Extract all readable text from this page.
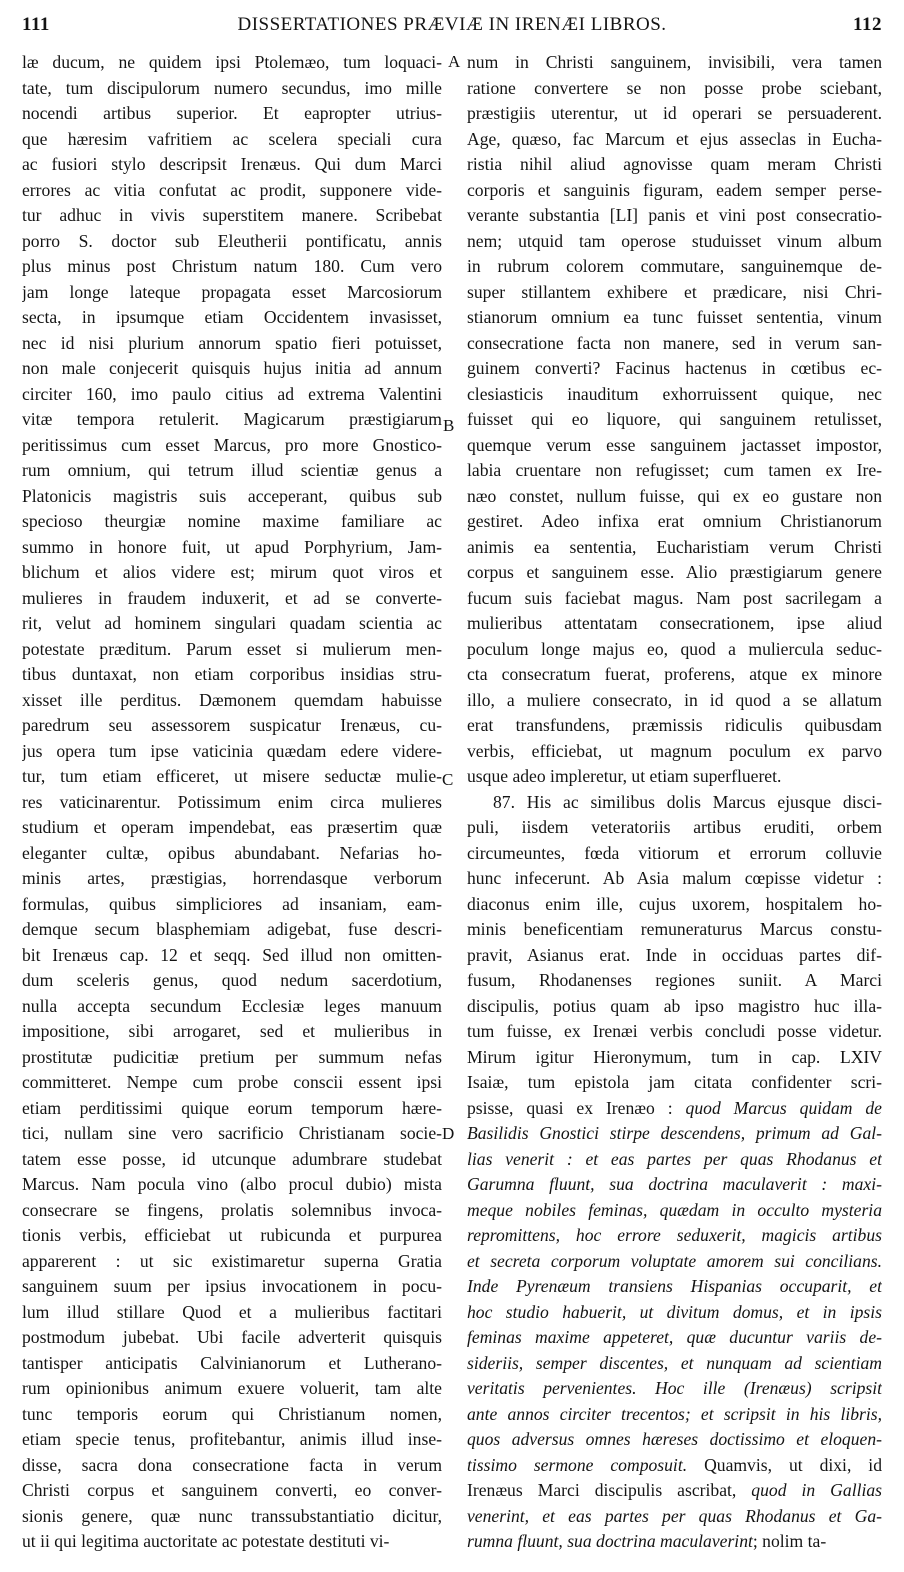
111	DISSERTATIONES PRÆVIÆ IN IRENÆI LIBROS.	112
A
B
C
D
læ ducum, ne quidem ipsi Ptolemæo, tum loquaci-
tate, tum discipulorum numero secundus, imo mille
nocendi artibus superior. Et eapropter utrius-
que hæresim vafritiem ac scelera speciali cura
ac fusiori stylo descripsit Irenæus. Qui dum Marci
errores ac vitia confutat ac prodit, supponere vide-
tur adhuc in vivis superstitem manere. Scribebat
porro S. doctor sub Eleutherii pontificatu, annis
plus minus post Christum natum 180. Cum vero
jam longe lateque propagata esset Marcosiorum
secta, in ipsumque etiam Occidentem invasisset,
nec id nisi plurium annorum spatio fieri potuisset,
non male conjecerit quisquis hujus initia ad annum
circiter 160, imo paulo citius ad extrema Valentini
vitæ tempora retulerit. Magicarum præstigiarum
peritissimus cum esset Marcus, pro more Gnostico-
rum omnium, qui tetrum illud scientiæ genus a
Platonicis magistris suis acceperant, quibus sub
specioso theurgiæ nomine maxime familiare ac
summo in honore fuit, ut apud Porphyrium, Jam-
blichum et alios videre est; mirum quot viros et
mulieres in fraudem induxerit, et ad se converte-
rit, velut ad hominem singulari quadam scientia ac
potestate præditum. Parum esset si mulierum men-
tibus duntaxat, non etiam corporibus insidias stru-
xisset ille perditus. Dæmonem quemdam habuisse
paredrum seu assessorem suspicatur Irenæus, cu-
jus opera tum ipse vaticinia quædam edere videre-
tur, tum etiam efficeret, ut misere seductæ mulie-
res vaticinarentur. Potissimum enim circa mulieres
studium et operam impendebat, eas præsertim quæ
eleganter cultæ, opibus abundabant. Nefarias ho-
minis artes, præstigias, horrendasque verborum
formulas, quibus simpliciores ad insaniam, eam-
demque secum blasphemiam adigebat, fuse descri-
bit Irenæus cap. 12 et seqq. Sed illud non omitten-
dum sceleris genus, quod nedum sacerdotium,
nulla accepta secundum Ecclesiæ leges manuum
impositione, sibi arrogaret, sed et mulieribus in
prostitutæ pudicitiæ pretium per summum nefas
committeret. Nempe cum probe conscii essent ipsi
etiam perditissimi quique eorum temporum hære-
tici, nullam sine vero sacrificio Christianam socie-
tatem esse posse, id utcunque adumbrare studebat
Marcus. Nam pocula vino (albo procul dubio) mista
consecrare se fingens, prolatis solemnibus invoca-
tionis verbis, efficiebat ut rubicunda et purpurea
apparerent : ut sic existimaretur superna Gratia
sanguinem suum per ipsius invocationem in pocu-
lum illud stillare Quod et a mulieribus factitari
postmodum jubebat. Ubi facile adverterit quisquis
tantisper anticipatis Calvinianorum et Lutherano-
rum opinionibus animum exuere voluerit, tam alte
tunc temporis eorum qui Christianum nomen,
etiam specie tenus, profitebantur, animis illud inse-
disse, sacra dona consecratione facta in verum
Christi corpus et sanguinem converti, eo conver-
sionis genere, quæ nunc transsubstantiatio dicitur,
ut ii qui legitima auctoritate ac potestate destituti vi-
num in Christi sanguinem, invisibili, vera tamen
ratione convertere se non posse probe sciebant,
præstigiis uterentur, ut id operari se persuaderent.
Age, quæso, fac Marcum et ejus asseclas in Eucha-
ristia nihil aliud agnovisse quam meram Christi
corporis et sanguinis figuram, eadem semper perse-
verante substantia [LI] panis et vini post consecratio-
nem; utquid tam operose studuisset vinum album
in rubrum colorem commutare, sanguinemque de-
super stillantem exhibere et prædicare, nisi Chri-
stianorum omnium ea tunc fuisset sententia, vinum
consecratione facta non manere, sed in verum san-
guinem converti? Facinus hactenus in cœtibus ec-
clesiasticis inauditum exhorruissent quique, nec
fuisset qui eo liquore, qui sanguinem retulisset,
quemque verum esse sanguinem jactasset impostor,
labia cruentare non refugisset; cum tamen ex Ire-
næo constet, nullum fuisse, qui ex eo gustare non
gestiret. Adeo infixa erat omnium Christianorum
animis ea sententia, Eucharistiam verum Christi
corpus et sanguinem esse. Alio præstigiarum genere
fucum suis faciebat magus. Nam post sacrilegam a
mulieribus attentatam consecrationem, ipse aliud
poculum longe majus eo, quod a muliercula seduc-
cta consecratum fuerat, proferens, atque ex minore
illo, a muliere consecrato, in id quod a se allatum
erat transfundens, præmissis ridiculis quibusdam
verbis, efficiebat, ut magnum poculum ex parvo
usque adeo impleretur, ut etiam superflueret.
87. His ac similibus dolis Marcus ejusque disci-
puli, iisdem veteratoriis artibus eruditi, orbem
circumeuntes, fœda vitiorum et errorum colluvie
hunc infecerunt. Ab Asia malum cœpisse videtur :
diaconus enim ille, cujus uxorem, hospitalem ho-
minis beneficentiam remuneraturus Marcus constu-
pravit, Asianus erat. Inde in occiduas partes dif-
fusum, Rhodanenses regiones suniit. A Marci
discipulis, potius quam ab ipso magistro huc illa-
tum fuisse, ex Irenæi verbis concludi posse videtur.
Mirum igitur Hieronymum, tum in cap. LXIV
Isaiæ, tum epistola jam citata confidenter scri-
psisse, quasi ex Irenæo : quod Marcus quidam de
Basilidis Gnostici stirpe descendens, primum ad Gal-
lias venerit : et eas partes per quas Rhodanus et
Garumna fluunt, sua doctrina maculaverit : maxi-
meque nobiles feminas, quædam in occulto mysteria
repromittens, hoc errore seduxerit, magicis artibus
et secreta corporum voluptate amorem sui concilians.
Inde Pyrenæum transiens Hispanias occuparit, et
hoc studio habuerit, ut divitum domus, et in ipsis
feminas maxime appeteret, quæ ducuntur variis de-
sideriis, semper discentes, et nunquam ad scientiam
veritatis pervenientes. Hoc ille (Irenæus) scripsit
ante annos circiter trecentos; et scripsit in his libris,
quos adversus omnes hæreses doctissimo et eloquen-
tissimo sermone composuit. Quamvis, ut dixi, id
Irenæus Marci discipulis ascribat, quod in Gallias
venerint, et eas partes per quas Rhodanus et Ga-
rumna fluunt, sua doctrina maculaverint; nolim ta-
